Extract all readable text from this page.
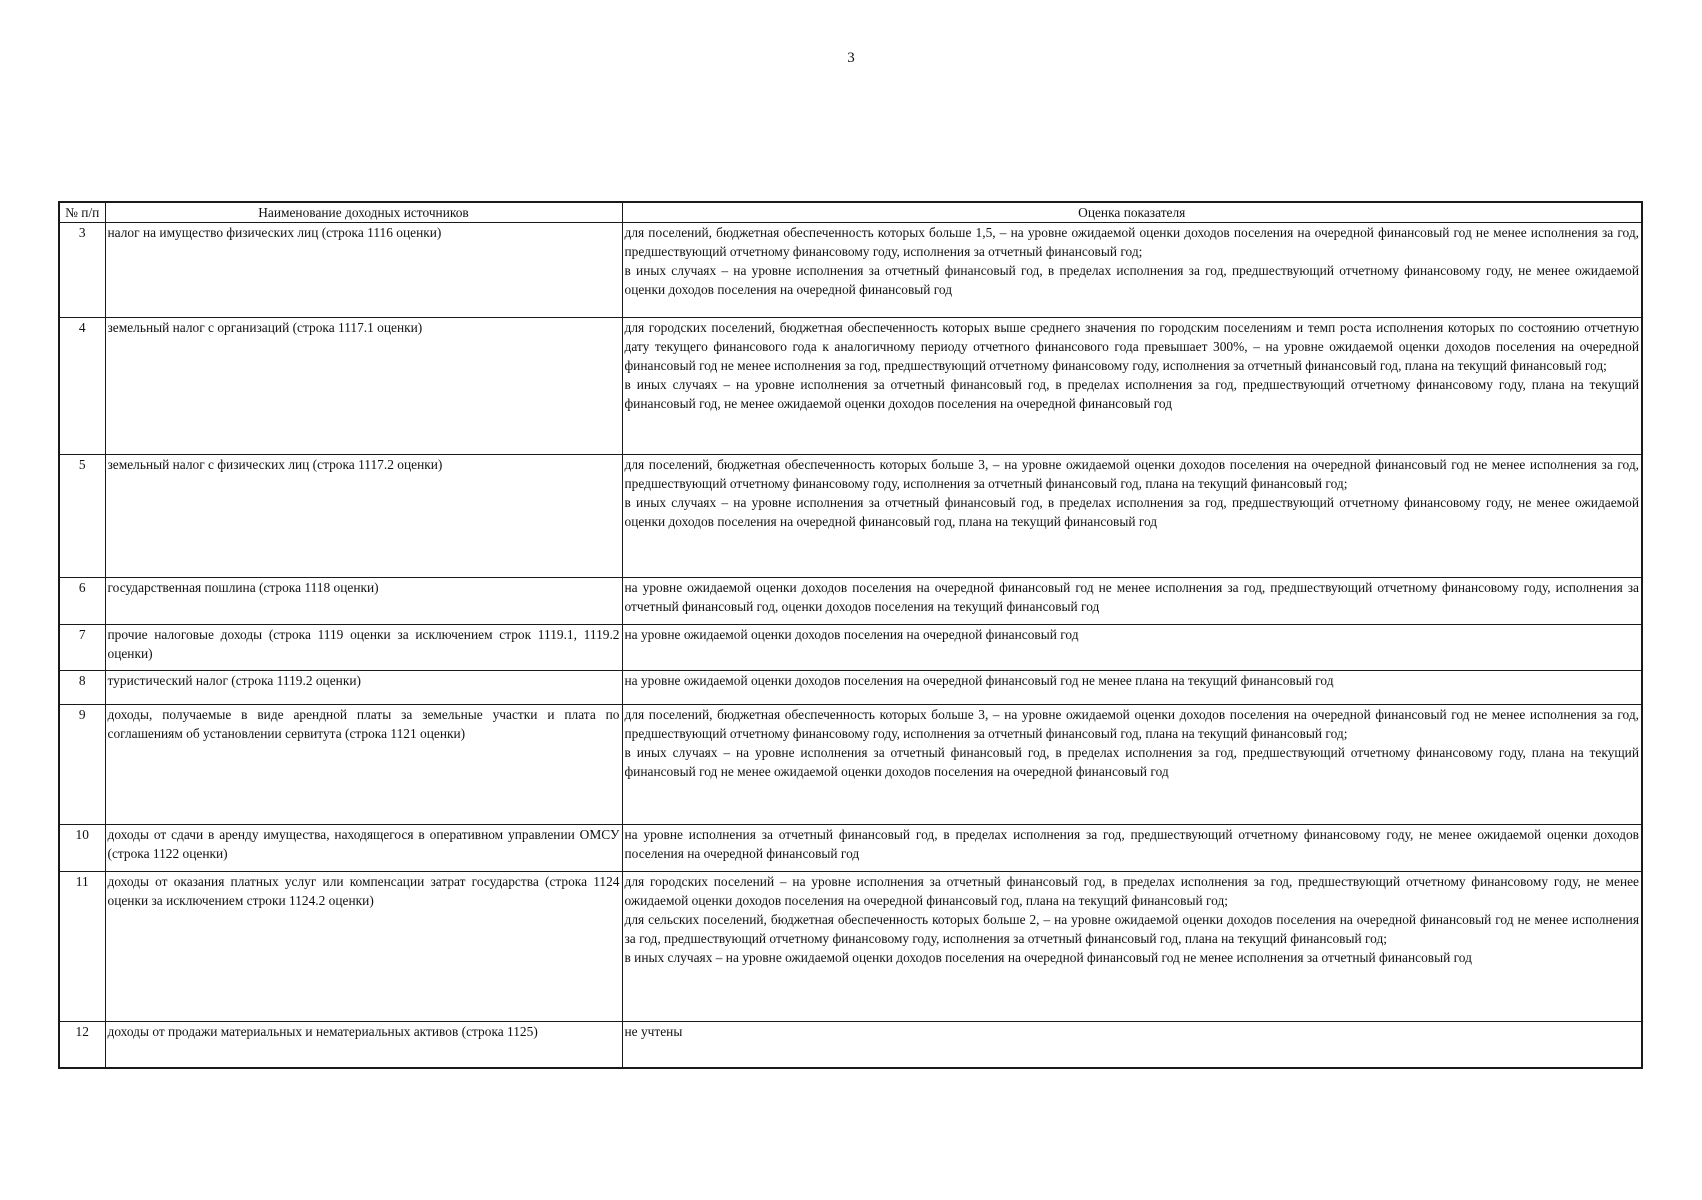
3
№ п/п	Наименование доходных источников	Оценка показателя
3	налог на имущество физических лиц (строка 1116 оценки)	для поселений, бюджетная обеспеченность которых больше 1,5, – на уровне ожидаемой оценки доходов поселения на очередной финансовый год не менее исполнения за год, предшествующий отчетному финансовому году, исполнения за отчетный финансовый год;
в иных случаях – на уровне исполнения за отчетный финансовый год, в пределах исполнения за год, предшествующий отчетному финансовому году, не менее ожидаемой оценки доходов поселения на очередной финансовый год

4	земельный налог с организаций (строка 1117.1 оценки)	для городских поселений, бюджетная обеспеченность которых выше среднего значения по городским поселениям и темп роста исполнения которых по состоянию отчетную дату текущего финансового года к аналогичному периоду отчетного финансового года превышает 300%, – на уровне ожидаемой оценки доходов поселения на очередной финансовый год не менее исполнения за год, предшествующий отчетному финансовому году, исполнения за отчетный финансовый год, плана на текущий финансовый год;
в иных случаях – на уровне исполнения за отчетный финансовый год, в пределах исполнения за год, предшествующий отчетному финансовому году, плана на текущий финансовый год, не менее ожидаемой оценки доходов поселения на очередной финансовый год

5	земельный налог с физических лиц (строка 1117.2 оценки)	для поселений, бюджетная обеспеченность которых больше 3, – на уровне ожидаемой оценки доходов поселения на очередной финансовый год не менее исполнения за год, предшествующий отчетному финансовому году, исполнения за отчетный финансовый год, плана на текущий финансовый год;
в иных случаях – на уровне исполнения за отчетный финансовый год, в пределах исполнения за год, предшествующий отчетному финансовому году, не менее ожидаемой оценки доходов поселения на очередной финансовый год, плана на текущий финансовый год

6	государственная пошлина (строка 1118 оценки)	на уровне ожидаемой оценки доходов поселения на очередной финансовый год не менее исполнения за год, предшествующий отчетному финансовому году, исполнения за отчетный финансовый год, оценки доходов поселения на текущий финансовый год

7	прочие налоговые доходы (строка 1119 оценки за исключением строк 1119.1, 1119.2 оценки)	на уровне ожидаемой оценки доходов поселения на очередной финансовый год

8	туристический налог (строка 1119.2 оценки)	на уровне ожидаемой оценки доходов поселения на очередной финансовый год не менее плана на текущий финансовый год

9	доходы, получаемые в виде арендной платы за земельные участки и плата по соглашениям об установлении сервитута (строка 1121 оценки)	для поселений, бюджетная обеспеченность которых больше 3, – на уровне ожидаемой оценки доходов поселения на очередной финансовый год не менее исполнения за год, предшествующий отчетному финансовому году, исполнения за отчетный финансовый год, плана на текущий финансовый год;
в иных случаях – на уровне исполнения за отчетный финансовый год, в пределах исполнения за год, предшествующий отчетному финансовому году, плана на текущий финансовый год не менее ожидаемой оценки доходов поселения на очередной финансовый год

10	доходы от сдачи в аренду имущества, находящегося в оперативном управлении ОМСУ (строка 1122 оценки)	на уровне исполнения за отчетный финансовый год, в пределах исполнения за год, предшествующий отчетному финансовому году, не менее ожидаемой оценки доходов поселения на очередной финансовый год

11	доходы от оказания платных услуг или компенсации затрат государства (строка 1124 оценки за исключением строки 1124.2 оценки)	для городских поселений – на уровне исполнения за отчетный финансовый год, в пределах исполнения за год, предшествующий отчетному финансовому году, не менее ожидаемой оценки доходов поселения на очередной финансовый год, плана на текущий финансовый год;
для сельских поселений, бюджетная обеспеченность которых больше 2, – на уровне ожидаемой оценки доходов поселения на очередной финансовый год не менее исполнения за год, предшествующий отчетному финансовому году, исполнения за отчетный финансовый год, плана на текущий финансовый год;
в иных случаях – на уровне ожидаемой оценки доходов поселения на очередной финансовый год не менее исполнения за отчетный финансовый год

12	доходы от продажи материальных и нематериальных активов (строка 1125)	не учтены
